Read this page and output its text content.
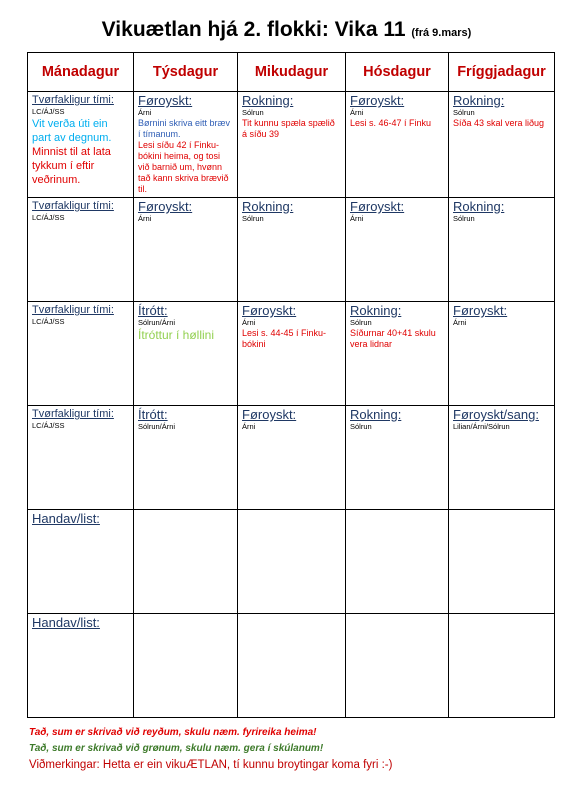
Vikuætlan hjá 2. flokki: Vika 11 (frá 9.mars)
Mánadagur	Týsdagur	Mikudagur	Hósdagur	Fríggjadagur

Tvørfakligur tími:
LC/ÁJ/SS
Vit verða úti ein part av degnum.
Minnist til at lata tykkum í eftir veðrinum.	Føroyskt:
Árni
Børnini skriva eitt bræv í tímanum.
Lesi síðu 42 í Finku-bókini heima, og tosi við barnið um, hvønn tað kann skriva brævið til.	Rokning:
Sólrun
Tit kunnu spæla spælið á síðu 39	Føroyskt:
Árni
Lesi s. 46-47 í Finku	Rokning:
Sólrun
Síða 43 skal vera liðug

Tvørfakligur tími:
LC/ÁJ/SS	Føroyskt:
Árni	Rokning:
Sólrun	Føroyskt:
Árni	Rokning:
Sólrun

Tvørfakligur tími:
LC/ÁJ/SS	Ítrótt:
Sólrun/Árni
Ítróttur í høllini	Føroyskt:
Árni
Lesi s. 44-45 í Finku-bókini	Rokning:
Sólrun
Síðurnar 40+41 skulu vera lidnar	Føroyskt:
Árni

Tvørfakligur tími:
LC/ÁJ/SS	Ítrótt:
Sólrun/Árni	Føroyskt:
Árni	Rokning:
Sólrun	Føroyskt/sang:
Lilian/Árni/Sólrun

Handav/list:				

Handav/list:				

Tað, sum er skrivað við reyðum, skulu næm. fyrireika heima!
Tað, sum er skrivað við grønum, skulu næm. gera í skúlanum!
Viðmerkingar: Hetta er ein vikuÆTLAN, tí kunnu broytingar koma fyri :-)
